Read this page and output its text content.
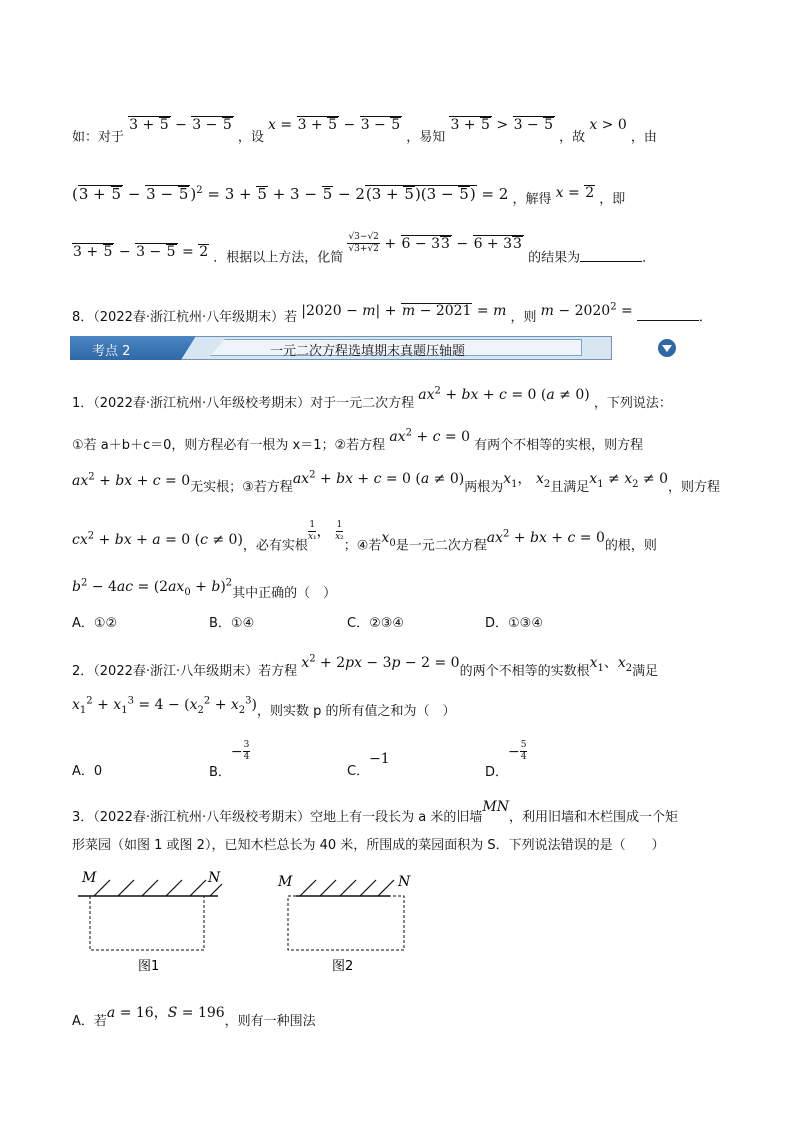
如：对于 3 + 5 − 3 − 5 ，设 x = 3 + 5 − 3 − 5 ，易知 3 + 5 > 3 − 5 ，故 x > 0 ，由
(3 + 5 − 3 − 5 )$^2$ = 3 + 5 + 3 − 5 − 2(3 + 5)(3 − 5) = 2 ，解得 x = 2 ，即
3 + 5 − 3 − 5 = 2 ．根据以上方法，化简
$\frac{√3-√2}{√3+√2} + 6 - 33 - 6 + 33$ 的结果为	．
8．（2022春·浙江杭州·八年级期末）若 |2020 − m| + m − 2021 = m ，则 $m - 2020^2$ =	．
考点 2	一元二次方程选填期末真题压轴题
1．（2022春·浙江杭州·八年级校考期末）对于一元二次方程 $ax^2$ + bx + c = 0 (a ≠ 0) ，下列说法：
①若 a＋b＋c＝0，则方程必有一根为 x＝1；②若方程 $ax^2 + c = 0$ 有两个不相等的实根，则方程
$ax^2$ + bx + c = 0无实根；③若方程$ax^2$ + bx + c = 0 (a ≠ 0)两根为$x_1$， $x_2$且满足$x_1 \ne x_2 \ne 0$，则方程
$cx^2$ + bx + a = 0 (c ≠ 0)，必有实根
$\frac{1}{\text{x₁}}$ ， $\frac{1}{\text{x₂}}$
；④若$x_0$是一元二次方程$ax^2$ + bx + c = 0的根，则
$b^2 - 4ac = (2ax_0 + b)^2$其中正确的（　）
A．①②	B．①④	C．②③④	D．①③④
2．（2022春·浙江·八年级期末）若方程 $x^2 + 2px - 3p - 2 = 0$的两个不相等的实数根$x_1$、$x_2$满足
$x_1^2 + x_1^3 = 4 - (x_2^2 + x_2^3)$，则实数 p 的所有值之和为（　）
A．0	B．− $\frac{3}{4}$
C．−1
D．− $\frac{5}{4}$
3．（2022春·浙江杭州·八年级校考期末）空地上有一段长为 a 米的旧墙MN，利用旧墙和木栏围成一个矩
形菜园（如图 1 或图 2），已知木栏总长为 40 米，所围成的菜园面积为 S．下列说法错误的是（　　）
M	N
图1
M	N
图2
A．若a = 16，S = 196，则有一种围法
